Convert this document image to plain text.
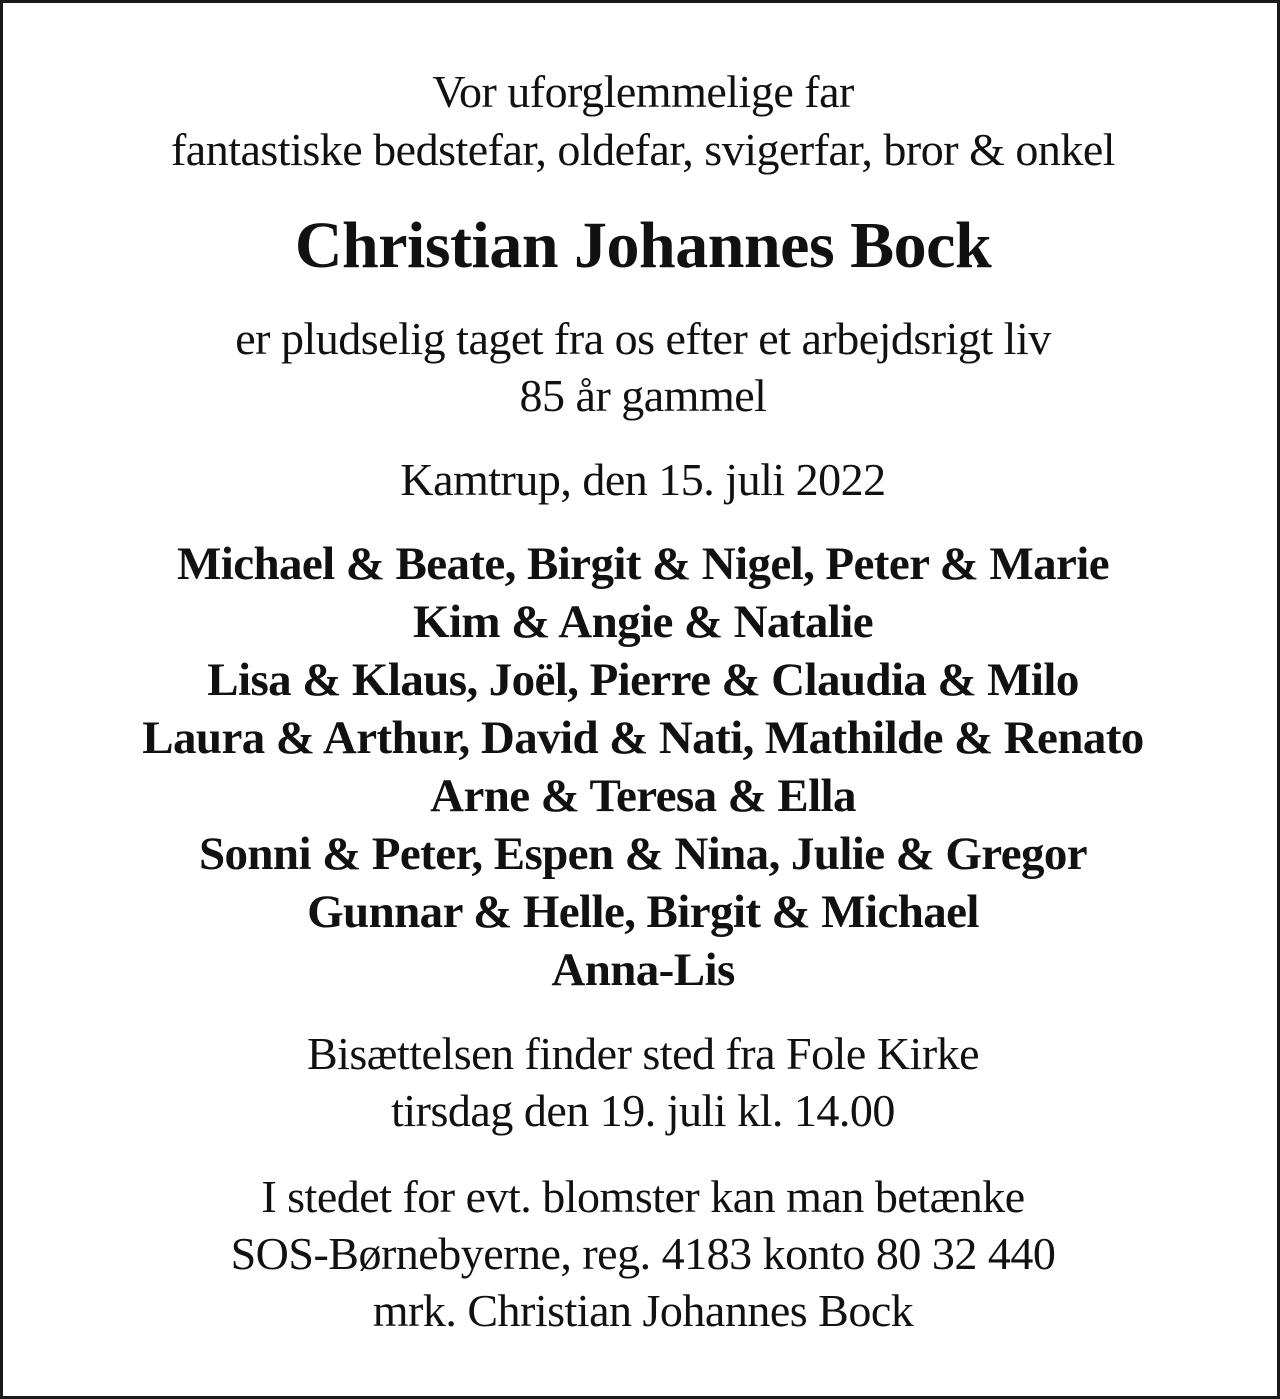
Vor uforglemmelige far
fantastiske bedstefar, oldefar, svigerfar, bror & onkel
Christian Johannes Bock
er pludselig taget fra os efter et arbejdsrigt liv
85 år gammel
Kamtrup, den 15. juli 2022
Michael & Beate, Birgit & Nigel, Peter & Marie
Kim & Angie & Natalie
Lisa & Klaus, Joël, Pierre & Claudia & Milo
Laura & Arthur, David & Nati, Mathilde & Renato
Arne & Teresa & Ella
Sonni & Peter, Espen & Nina, Julie & Gregor
Gunnar & Helle, Birgit & Michael
Anna-Lis
Bisættelsen finder sted fra Fole Kirke
tirsdag den 19. juli kl. 14.00
I stedet for evt. blomster kan man betænke
SOS-Børnebyerne, reg. 4183 konto 80 32 440
mrk. Christian Johannes Bock
